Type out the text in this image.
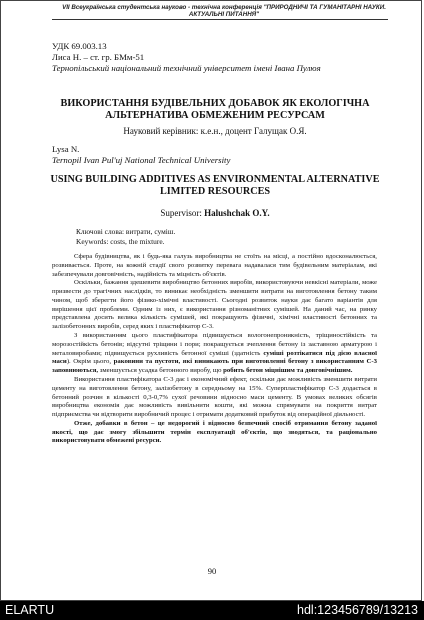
VII Всеукраїнська студентська науково - технічна конференція "ПРИРОДНИЧІ ТА ГУМАНІТАРНІ НАУКИ. АКТУАЛЬНІ ПИТАННЯ"
УДК 69.003.13
Лиса Н. – ст. гр. БМм-51
Тернопільський національний технічний університет імені Івана Пулюя
ВИКОРИСТАННЯ БУДІВЕЛЬНИХ ДОБАВОК ЯК ЕКОЛОГІЧНА АЛЬТЕРНАТИВА ОБМЕЖЕНИМ РЕСУРСАМ
Науковий керівник: к.е.н., доцент Галущак О.Я.
Lysa N.
Ternopil Ivan Pul'uj National Technical University
USING BUILDING ADDITIVES AS ENVIRONMENTAL ALTERNATIVE LIMITED RESOURCES
Supervisor: Halushchak O.Y.
Ключові слова: витрати, суміш.
Keywords: costs, the mixture.

Сфера будівництва, як і будь-яка галузь виробництва не стоїть на місці, а постійно вдосконалюється, розвивається. Проте, на кожній стадії свого розвитку перевага надавалася тим будівельним матеріалам, які забезпечували довговічність, надійність та міцність об'єктів.

Оскільки, бажання здешевити виробництво бетонних виробів, використовуючи невкісні матеріали, може призвести до трагічних наслідків, то виникає необхідність зменшити витрати на виготовлення бетону таким чином, щоб зберегти його фізико-хімічні властивості. Сьогодні розвиток науки дає багато варіантів для вирішення цієї проблеми. Одним із них, є використання різноманітних сумішей. На даний час, на ринку представлена досить велика кількість сумішей, які покращують фізичні, хімічні властивості бетонних та залізобетонних виробів, серед яких і пластифікатор С-3.

З використанням цього пластифікатора підвищується вологонепроникність, тріщиностійкість та морозостійкість бетонів; відсутні тріщини і пори; покращується зчеплення бетону із заставною арматурою і металовиробами; підвищується рухливість бетонної суміші (здатність суміші розтікатися під дією власної маси). Окрім цього, раковини та пустоти, які виникають при виготовленні бетону з використанням С-3 заповнюються, зменшується усадка бетонного виробу, що робить бетон міцнішим та довговічнішим.

Використання пластифікатора С-3 дає і економічний ефект, оскільки дає можливість зменшити витрати цементу на виготовлення бетону, залізобетону в середньому на 15%. Суперпластифікатор С-3 додається в бетонний розчин в кількості 0,3-0,7% сухої речовини відносно маси цементу. В умовах великих обсягів виробництва економія дає можливість вивільнити кошти, які можна спрямувати на покриття витрат підприємства чи відтворити виробничий процес і отримати додатковий прибуток від операційної діяльності.

Отже, добавки в бетон – це недорогий і відносно безпечний спосіб отримання бетону заданої якості, що дає змогу збільшити термін експлуатації об'єктів, що зводяться, та раціонально використовувати обмежені ресурси.

90
ELARTU	hdl:123456789/13213
